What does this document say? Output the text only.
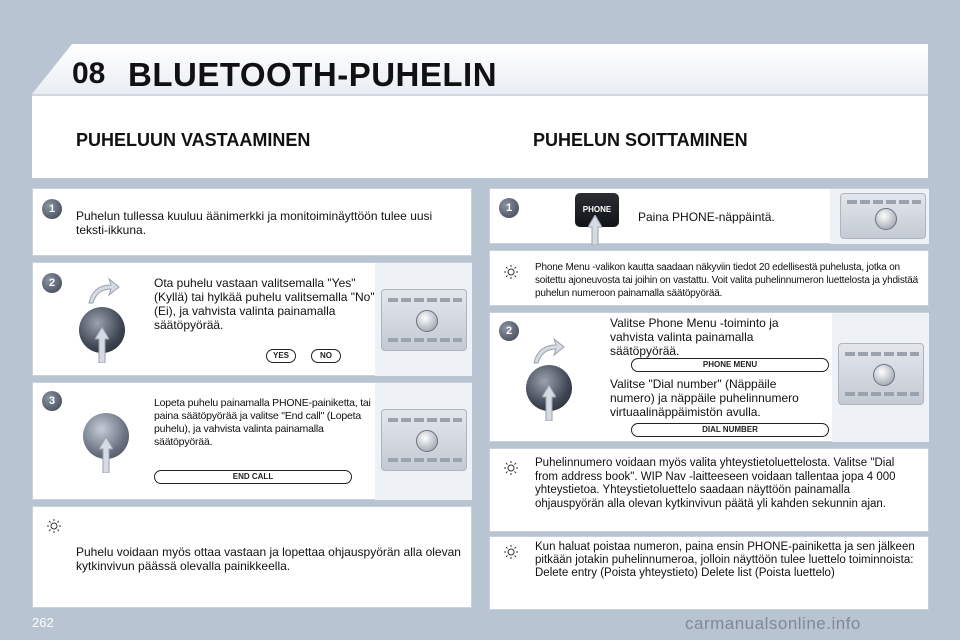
08 BLUETOOTH-PUHELIN
PUHELUUN VASTAAMINEN	PUHELUN SOITTAMINEN
1	Puhelun tullessa kuuluu äänimerkki ja monitoiminäyttöön tulee uusi teksti-ikkuna.
2	Ota puhelu vastaan valitsemalla "Yes" (Kyllä) tai hylkää puhelu valitsemalla "No" (Ei), ja vahvista valinta painamalla säätöpyörää.
YES	NO
3	Lopeta puhelu painamalla PHONE-painiketta, tai paina säätöpyörää ja valitse "End call" (Lopeta puhelu), ja vahvista valinta painamalla säätöpyörää.
END CALL
Puhelu voidaan myös ottaa vastaan ja lopettaa ohjauspyörän alla olevan kytkinvivun päässä olevalla painikkeella.
1	PHONE
Paina PHONE-näppäintä.
Phone Menu -valikon kautta saadaan näkyviin tiedot 20 edellisestä puhelusta, jotka on soitettu ajoneuvosta tai joihin on vastattu. Voit valita puhelinnumeron luettelosta ja yhdistää puhelun numeroon painamalla säätöpyörää.
2
Valitse Phone Menu -toiminto ja vahvista valinta painamalla säätöpyörää.
PHONE MENU
Valitse "Dial number" (Näppäile numero) ja näppäile puhelinnumero virtuaalinäppäimistön avulla.
DIAL NUMBER
Puhelinnumero voidaan myös valita yhteystietoluettelosta. Valitse "Dial from address book". WIP Nav -laitteeseen voidaan tallentaa jopa 4 000 yhteystietoa. Yhteystietoluettelo saadaan näyttöön painamalla ohjauspyörän alla olevan kytkinvivun päätä yli kahden sekunnin ajan.
Kun haluat poistaa numeron, paina ensin PHONE-painiketta ja sen jälkeen pitkään jotakin puhelinnumeroa, jolloin näyttöön tulee luettelo toiminnoista: Delete entry (Poista yhteystieto) Delete list (Poista luettelo)
262	carmanualsonline.info
